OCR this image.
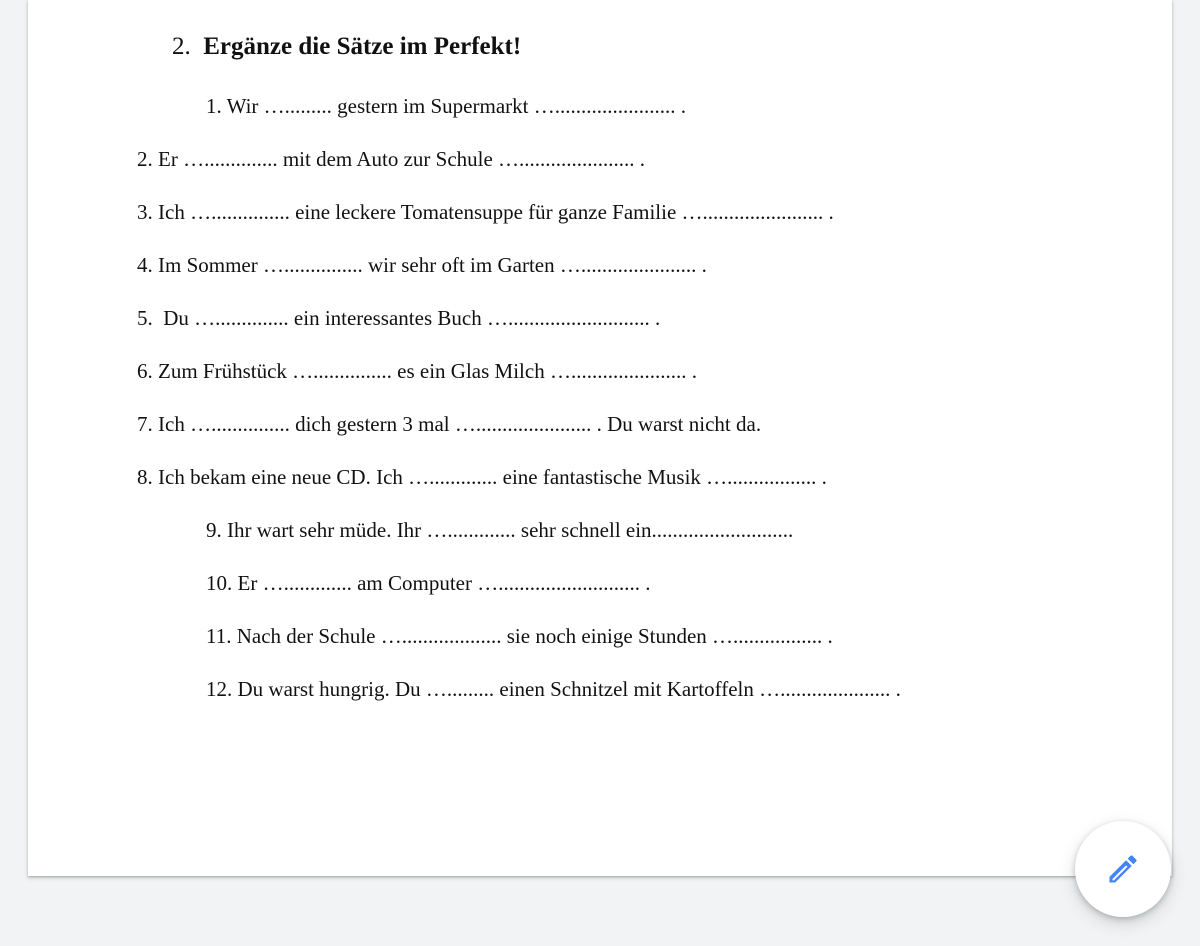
2. Ergänze die Sätze im Perfekt!
1. Wir …......... gestern im Supermarkt …....................... .
2. Er ….............. mit dem Auto zur Schule …...................... .
3. Ich …............... eine leckere Tomatensuppe für ganze Familie …....................... .
4. Im Sommer …............... wir sehr oft im Garten …...................... .
5.  Du ….............. ein interessantes Buch …........................... .
6. Zum Frühstück …............... es ein Glas Milch …...................... .
7. Ich …............... dich gestern 3 mal …...................... . Du warst nicht da.
8. Ich bekam eine neue CD. Ich …............. eine fantastische Musik …................. .
9. Ihr wart sehr müde. Ihr …............. sehr schnell ein...........................
10. Er …............. am Computer …........................... .
11. Nach der Schule …................... sie noch einige Stunden …................. .
12. Du warst hungrig. Du …......... einen Schnitzel mit Kartoffeln …..................... .
